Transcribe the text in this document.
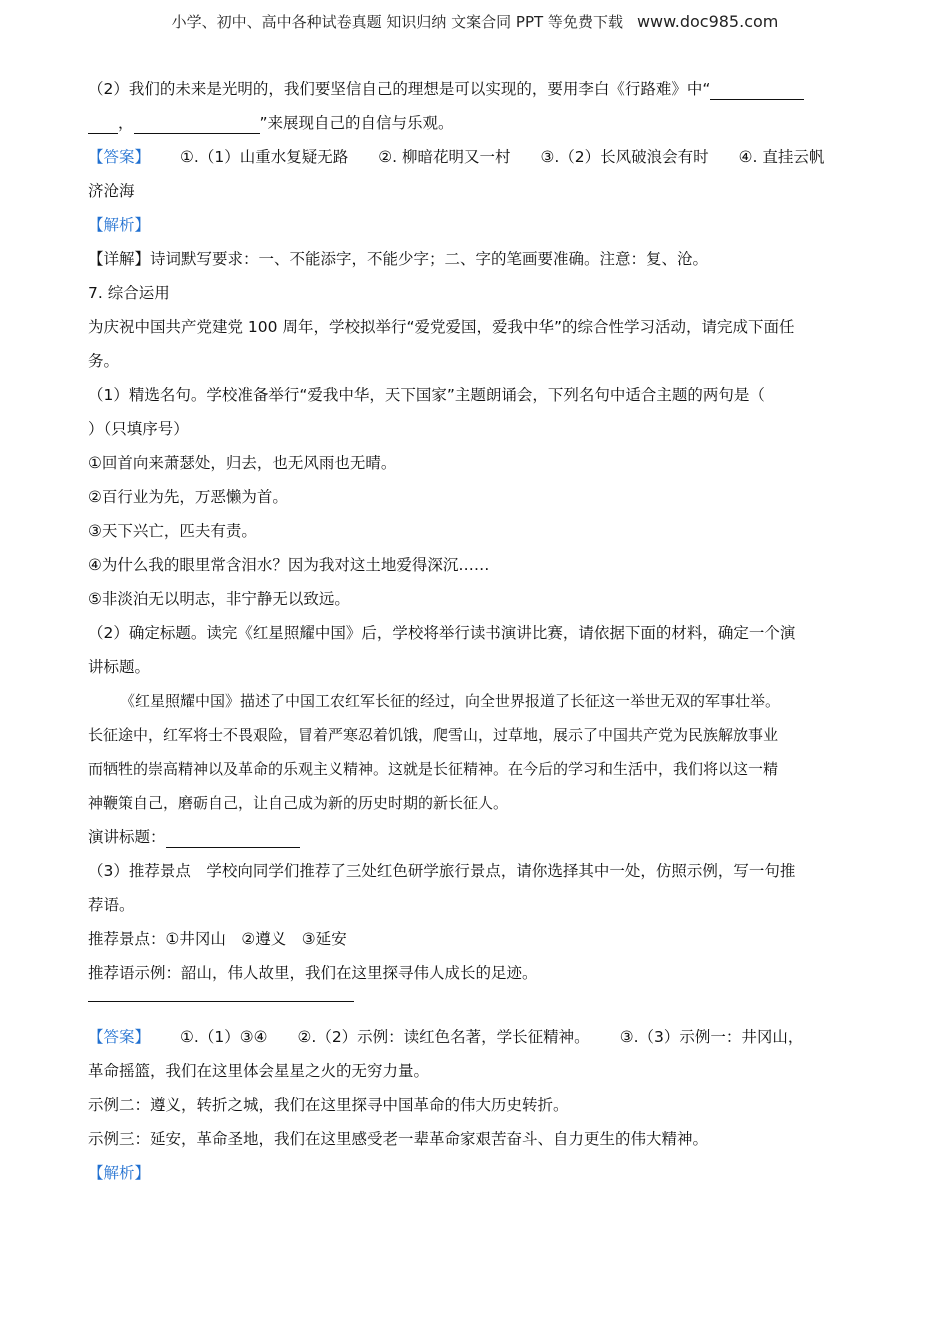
小学、初中、高中各种试卷真题 知识归纳 文案合同 PPT 等免费下载 www.doc985.com
（2）我们的未来是光明的，我们要坚信自己的理想是可以实现的，要用李白《行路难》中“
，	”来展现自己的自信与乐观。
【答案】 ①.（1）山重水复疑无路 ②. 柳暗花明又一村 ③.（2）长风破浪会有时 ④. 直挂云帆
济沧海
【解析】
【详解】诗词默写要求：一、不能添字，不能少字；二、字的笔画要准确。注意：复、沧。
7. 综合运用
为庆祝中国共产党建党 100 周年，学校拟举行“爱党爱国，爱我中华”的综合性学习活动，请完成下面任
务。
（1）精选名句。学校准备举行“爱我中华，天下国家”主题朗诵会，下列名句中适合主题的两句是（
）（只填序号）
①回首向来萧瑟处，归去，也无风雨也无晴。
②百行业为先，万恶懒为首。
③天下兴亡，匹夫有责。
④为什么我的眼里常含泪水？因为我对这土地爱得深沉……
⑤非淡泊无以明志，非宁静无以致远。
（2）确定标题。读完《红星照耀中国》后，学校将举行读书演讲比赛，请依据下面的材料，确定一个演
讲标题。
《红星照耀中国》描述了中国工农红军长征的经过，向全世界报道了长征这一举世无双的军事壮举。
长征途中，红军将士不畏艰险，冒着严寒忍着饥饿，爬雪山，过草地，展示了中国共产党为民族解放事业
而牺牲的崇高精神以及革命的乐观主义精神。这就是长征精神。在今后的学习和生活中，我们将以这一精
神鞭策自己，磨砺自己，让自己成为新的历史时期的新长征人。
演讲标题：
（3）推荐景点　学校向同学们推荐了三处红色研学旅行景点，请你选择其中一处，仿照示例，写一句推
荐语。
推荐景点：①井冈山　②遵义　③延安
推荐语示例：韶山，伟人故里，我们在这里探寻伟人成长的足迹。
【答案】 ①.（1）③④ ②.（2）示例：读红色名著，学长征精神。 ③.（3）示例一：井冈山，
革命摇篮，我们在这里体会星星之火的无穷力量。
示例二：遵义，转折之城，我们在这里探寻中国革命的伟大历史转折。
示例三：延安，革命圣地，我们在这里感受老一辈革命家艰苦奋斗、自力更生的伟大精神。
【解析】
